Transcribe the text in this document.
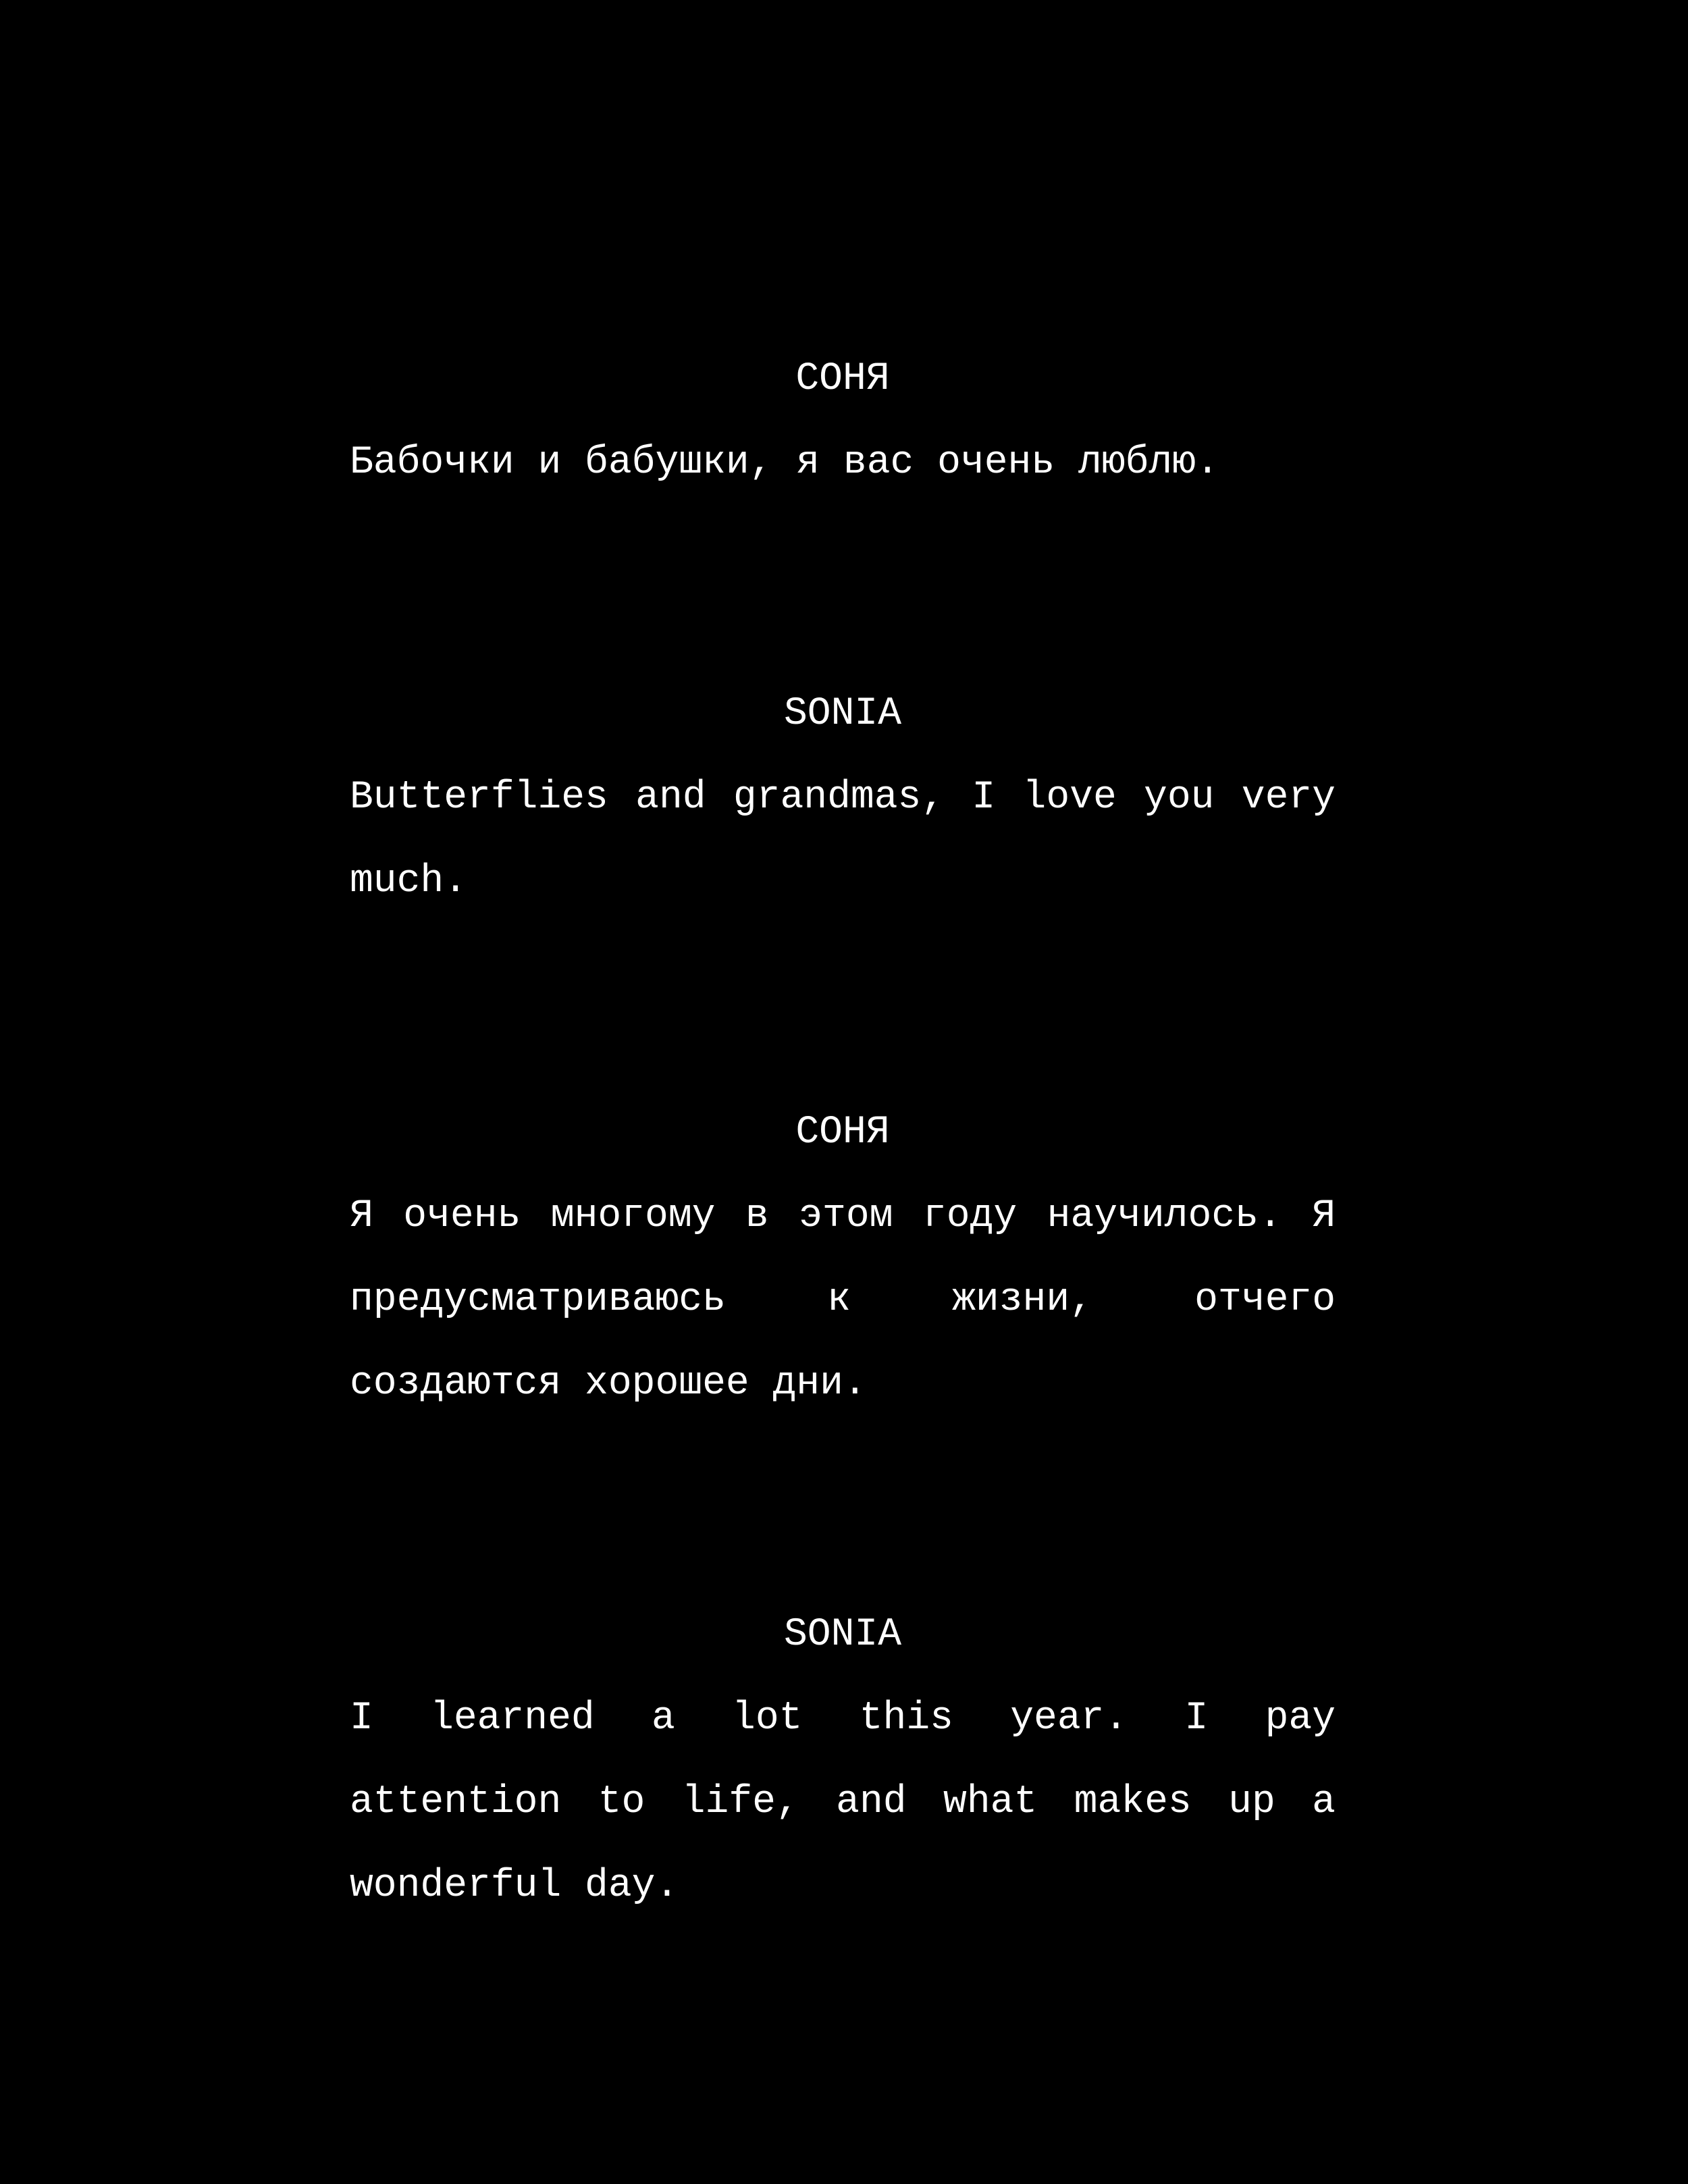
СОНЯ
Бабочки и бабушки, я вас очень люблю.
SONIA
Butterflies and grandmas, I love you very much.
СОНЯ
Я очень многому в этом году научилось. Я предусматриваюсь к жизни, отчего создаются хорошее дни.
SONIA
I learned a lot this year. I pay attention to life, and what makes up a wonderful day.
